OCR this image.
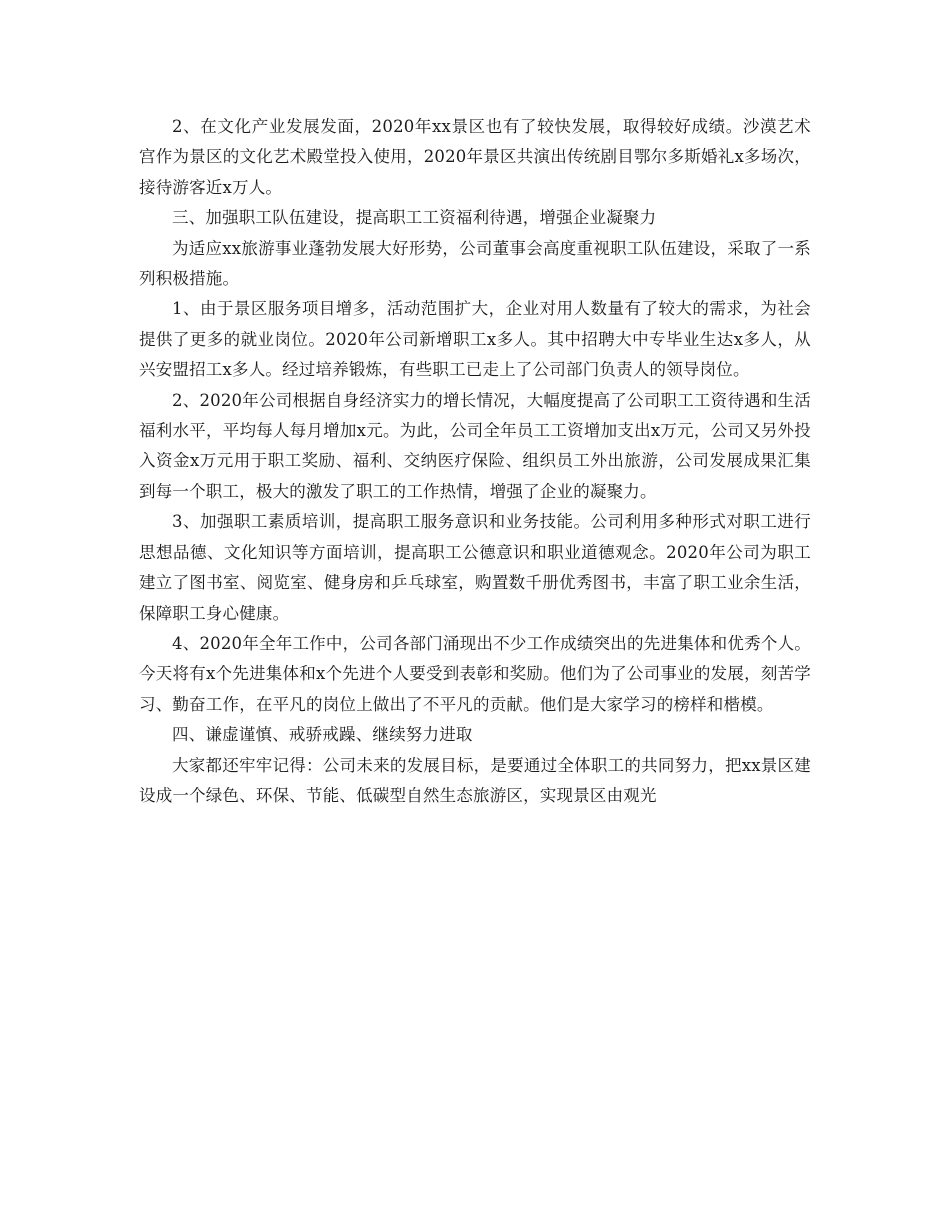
2、在文化产业发展发面，2020年xx景区也有了较快发展，取得较好成绩。沙漠艺术宫作为景区的文化艺术殿堂投入使用，2020年景区共演出传统剧目鄂尔多斯婚礼x多场次，接待游客近x万人。

三、加强职工队伍建设，提高职工工资福利待遇，增强企业凝聚力

为适应xx旅游事业蓬勃发展大好形势，公司董事会高度重视职工队伍建设，采取了一系列积极措施。

1、由于景区服务项目增多，活动范围扩大，企业对用人数量有了较大的需求，为社会提供了更多的就业岗位。2020年公司新增职工x多人。其中招聘大中专毕业生达x多人，从兴安盟招工x多人。经过培养锻炼，有些职工已走上了公司部门负责人的领导岗位。

2、2020年公司根据自身经济实力的增长情况，大幅度提高了公司职工工资待遇和生活福利水平，平均每人每月增加x元。为此，公司全年员工工资增加支出x万元，公司又另外投入资金x万元用于职工奖励、福利、交纳医疗保险、组织员工外出旅游，公司发展成果汇集到每一个职工，极大的激发了职工的工作热情，增强了企业的凝聚力。

3、加强职工素质培训，提高职工服务意识和业务技能。公司利用多种形式对职工进行思想品德、文化知识等方面培训，提高职工公德意识和职业道德观念。2020年公司为职工建立了图书室、阅览室、健身房和乒乓球室，购置数千册优秀图书，丰富了职工业余生活，保障职工身心健康。

4、2020年全年工作中，公司各部门涌现出不少工作成绩突出的先进集体和优秀个人。今天将有x个先进集体和x个先进个人要受到表彰和奖励。他们为了公司事业的发展，刻苦学习、勤奋工作，在平凡的岗位上做出了不平凡的贡献。他们是大家学习的榜样和楷模。

四、谦虚谨慎、戒骄戒躁、继续努力进取

大家都还牢牢记得：公司未来的发展目标，是要通过全体职工的共同努力，把xx景区建设成一个绿色、环保、节能、低碳型自然生态旅游区，实现景区由观光
